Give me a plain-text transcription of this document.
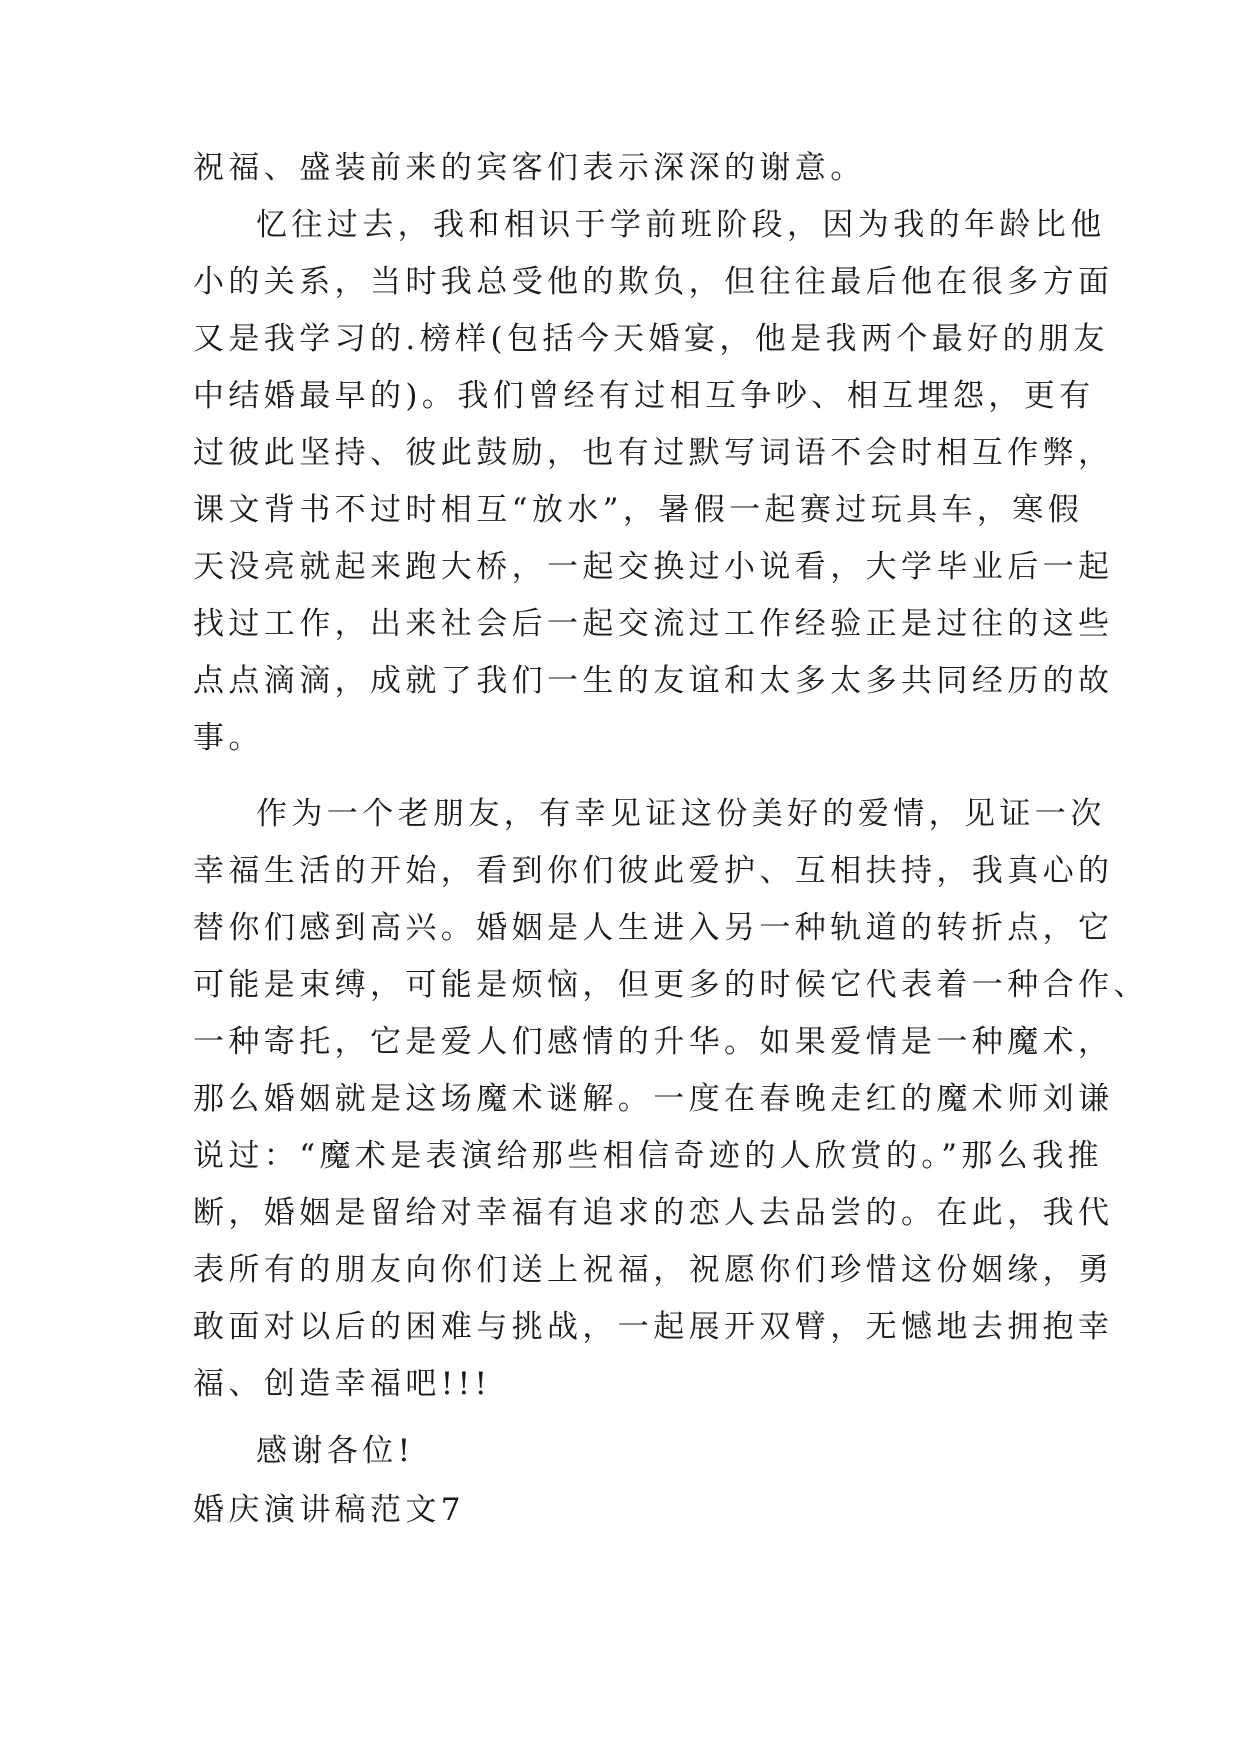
祝福、盛装前来的宾客们表示深深的谢意。
忆往过去，我和相识于学前班阶段，因为我的年龄比他
小的关系，当时我总受他的欺负，但往往最后他在很多方面
又是我学习的.榜样(包括今天婚宴，他是我两个最好的朋友
中结婚最早的)。我们曾经有过相互争吵、相互埋怨，更有
过彼此坚持、彼此鼓励，也有过默写词语不会时相互作弊，
课文背书不过时相互“放水”，暑假一起赛过玩具车，寒假
天没亮就起来跑大桥，一起交换过小说看，大学毕业后一起
找过工作，出来社会后一起交流过工作经验正是过往的这些
点点滴滴，成就了我们一生的友谊和太多太多共同经历的故
事。
作为一个老朋友，有幸见证这份美好的爱情，见证一次
幸福生活的开始，看到你们彼此爱护、互相扶持，我真心的
替你们感到高兴。婚姻是人生进入另一种轨道的转折点，它
可能是束缚，可能是烦恼，但更多的时候它代表着一种合作、
一种寄托，它是爱人们感情的升华。如果爱情是一种魔术，
那么婚姻就是这场魔术谜解。一度在春晚走红的魔术师刘谦
说过：“魔术是表演给那些相信奇迹的人欣赏的。”那么我推
断，婚姻是留给对幸福有追求的恋人去品尝的。在此，我代
表所有的朋友向你们送上祝福，祝愿你们珍惜这份姻缘，勇
敢面对以后的困难与挑战，一起展开双臂，无憾地去拥抱幸
福、创造幸福吧!!!
感谢各位!
婚庆演讲稿范文7
